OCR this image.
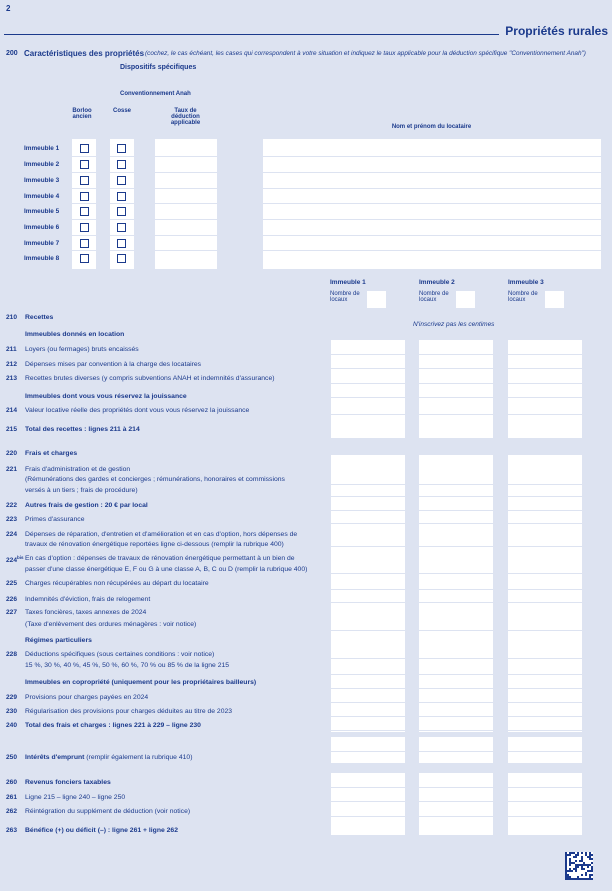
2
Propriétés rurales
200 Caractéristiques des propriétés (cochez, le cas échéant, les cases qui correspondent à votre situation et indiquez le taux applicable pour la déduction spécifique "Conventionnement Anah")
Dispositifs spécifiques
Conventionnement Anah
Borloo ancien
Cosse	Taux de déduction applicable
Nom et prénom du locataire
Immeuble 1
Immeuble 2
Immeuble 3
Immeuble 4
Immeuble 5
Immeuble 6
Immeuble 7
Immeuble 8
Immeuble 1	Immeuble 2	Immeuble 3
Nombre de locaux
Nombre de locaux
Nombre de locaux
N'inscrivez pas les centimes
210 Recettes
Immeubles donnés en location
211 Loyers (ou fermages) bruts encaissés
212 Dépenses mises par convention à la charge des locataires
213 Recettes brutes diverses (y compris subventions ANAH et indemnités d'assurance)
Immeubles dont vous vous réservez la jouissance
214 Valeur locative réelle des propriétés dont vous vous réservez la jouissance
215 Total des recettes : lignes 211 à 214
220 Frais et charges
221 Frais d'administration et de gestion
(Rémunérations des gardes et concierges ; rémunérations, honoraires et commissions
versés à un tiers ; frais de procédure)
222 Autres frais de gestion : 20 € par local
223 Primes d'assurance
224 Dépenses de réparation, d'entretien et d'amélioration et en cas d'option, hors dépenses de
travaux de rénovation énergétique reportées ligne ci-dessous (remplir la rubrique 400)
$224^{bis}$ En cas d'option : dépenses de travaux de rénovation énergétique permettant à un bien de
passer d'une classe énergétique E, F ou G à une classe A, B, C ou D (remplir la rubrique 400)
225 Charges récupérables non récupérées au départ du locataire
226 Indemnités d'éviction, frais de relogement
227 Taxes foncières, taxes annexes de 2024
(Taxe d'enlèvement des ordures ménagères : voir notice)
Régimes particuliers
228 Déductions spécifiques (sous certaines conditions : voir notice)
15 %, 30 %, 40 %, 45 %, 50 %, 60 %, 70 % ou 85 % de la ligne 215
Immeubles en copropriété (uniquement pour les propriétaires bailleurs)
229 Provisions pour charges payées en 2024
230 Régularisation des provisions pour charges déduites au titre de 2023
240 Total des frais et charges : lignes 221 à 229 – ligne 230
250 Intérêts d'emprunt (remplir également la rubrique 410)
260 Revenus fonciers taxables
261 Ligne 215 – ligne 240 – ligne 250
262 Réintégration du supplément de déduction (voir notice)
263 Bénéfice (+) ou déficit (–) : ligne 261 + ligne 262
